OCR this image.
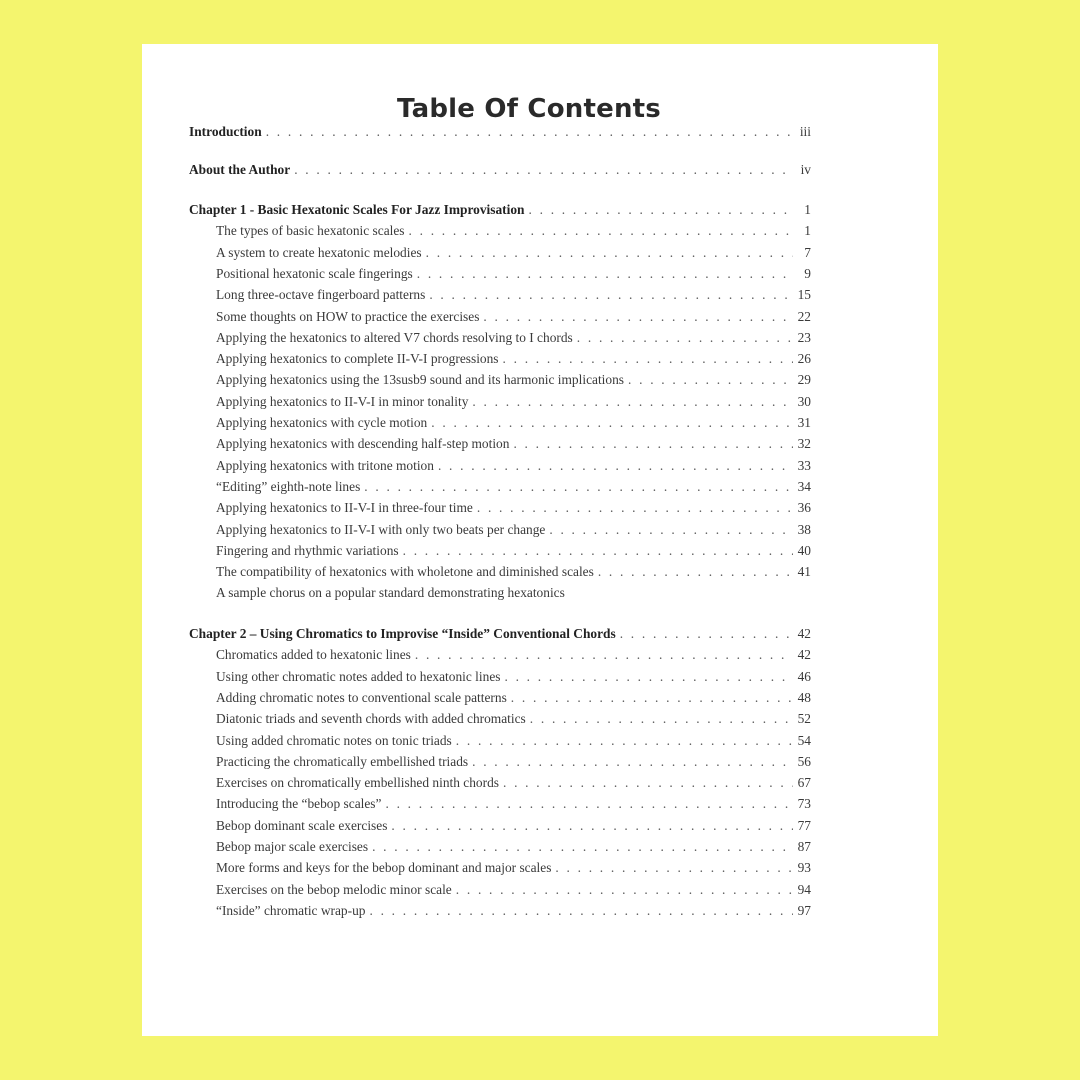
Table Of Contents
Introduction . . .	iii
About the Author . . .	iv
Chapter 1 - Basic Hexatonic Scales For Jazz Improvisation . . .	1
The types of basic hexatonic scales . . .	1
A system to create hexatonic melodies . . .	7
Positional hexatonic scale fingerings . . .	9
Long three-octave fingerboard patterns . . .	15
Some thoughts on HOW to practice the exercises . . .	22
Applying the hexatonics to altered V7 chords resolving to I chords . . .	23
Applying hexatonics to complete II-V-I progressions . . .	26
Applying hexatonics using the 13susb9 sound and its harmonic implications . . .	29
Applying hexatonics to II-V-I in minor tonality . . .	30
Applying hexatonics with cycle motion . . .	31
Applying hexatonics with descending half-step motion . . .	32
Applying hexatonics with tritone motion . . .	33
“Editing” eighth-note lines . . .	34
Applying hexatonics to II-V-I in three-four time . . .	36
Applying hexatonics to II-V-I with only two beats per change . . .	38
Fingering and rhythmic variations . . .	40
The compatibility of hexatonics with wholetone and diminished scales . . .	41
A sample chorus on a popular standard demonstrating hexatonics
Chapter 2 – Using Chromatics to Improvise “Inside” Conventional Chords . . .	42
Chromatics added to hexatonic lines . . .	42
Using other chromatic notes added to hexatonic lines . . .	46
Adding chromatic notes to conventional scale patterns . . .	48
Diatonic triads and seventh chords with added chromatics . . .	52
Using added chromatic notes on tonic triads . . .	54
Practicing the chromatically embellished triads . . .	56
Exercises on chromatically embellished ninth chords . . .	67
Introducing the “bebop scales” . . .	73
Bebop dominant scale exercises . . .	77
Bebop major scale exercises . . .	87
More forms and keys for the bebop dominant and major scales . . .	93
Exercises on the bebop melodic minor scale . . .	94
“Inside” chromatic wrap-up . . .	97
